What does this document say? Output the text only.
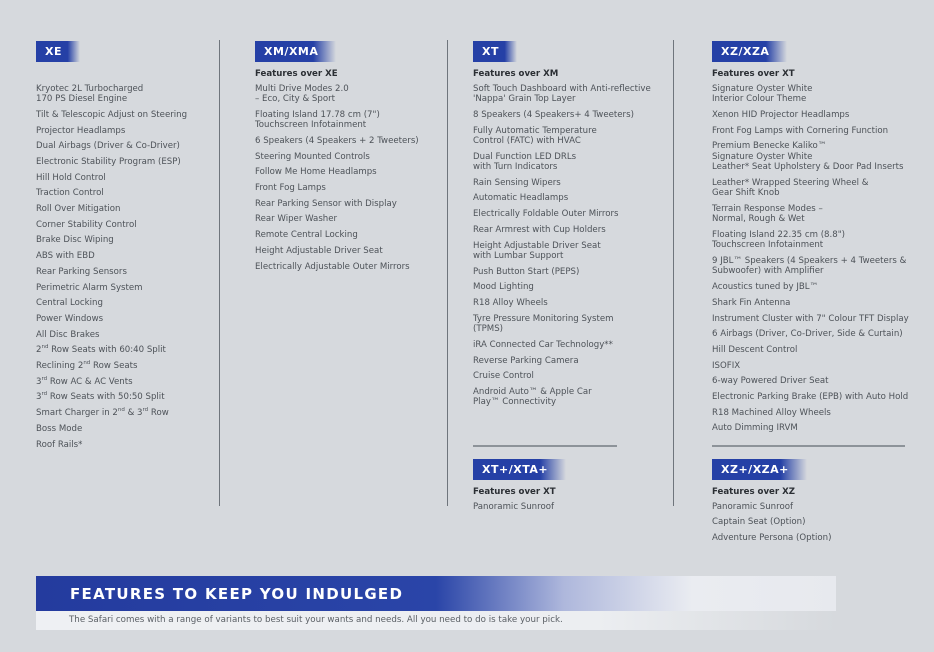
XE
Kryotec 2L Turbocharged
170 PS Diesel Engine
Tilt & Telescopic Adjust on Steering
Projector Headlamps
Dual Airbags (Driver & Co-Driver)
Electronic Stability Program (ESP)
Hill Hold Control
Traction Control
Roll Over Mitigation
Corner Stability Control
Brake Disc Wiping
ABS with EBD
Rear Parking Sensors
Perimetric Alarm System
Central Locking
Power Windows
All Disc Brakes
2nd Row Seats with 60:40 Split
Reclining 2nd Row Seats
3rd Row AC & AC Vents
3rd Row Seats with 50:50 Split
Smart Charger in 2nd & 3rd Row
Boss Mode
Roof Rails*
XM/XMA
Features over XE
Multi Drive Modes 2.0
– Eco, City & Sport
Floating Island 17.78 cm (7")
Touchscreen Infotainment
6 Speakers (4 Speakers + 2 Tweeters)
Steering Mounted Controls
Follow Me Home Headlamps
Front Fog Lamps
Rear Parking Sensor with Display
Rear Wiper Washer
Remote Central Locking
Height Adjustable Driver Seat
Electrically Adjustable Outer Mirrors
XT
Features over XM
Soft Touch Dashboard with Anti-reflective
'Nappa' Grain Top Layer
8 Speakers (4 Speakers+ 4 Tweeters)
Fully Automatic Temperature
Control (FATC) with HVAC
Dual Function LED DRLs
with Turn Indicators
Rain Sensing Wipers
Automatic Headlamps
Electrically Foldable Outer Mirrors
Rear Armrest with Cup Holders
Height Adjustable Driver Seat
with Lumbar Support
Push Button Start (PEPS)
Mood Lighting
R18 Alloy Wheels
Tyre Pressure Monitoring System
(TPMS)
iRA Connected Car Technology**
Reverse Parking Camera
Cruise Control
Android Auto™ & Apple Car
Play™ Connectivity
XZ/XZA
Features over XT
Signature Oyster White
Interior Colour Theme
Xenon HID Projector Headlamps
Front Fog Lamps with Cornering Function
Premium Benecke Kaliko™
Signature Oyster White
Leather* Seat Upholstery & Door Pad Inserts
Leather* Wrapped Steering Wheel &
Gear Shift Knob
Terrain Response Modes –
Normal, Rough & Wet
Floating Island 22.35 cm (8.8")
Touchscreen Infotainment
9 JBL™ Speakers (4 Speakers + 4 Tweeters &
Subwoofer) with Amplifier
Acoustics tuned by JBL™
Shark Fin Antenna
Instrument Cluster with 7" Colour TFT Display
6 Airbags (Driver, Co-Driver, Side & Curtain)
Hill Descent Control
ISOFIX
6-way Powered Driver Seat
Electronic Parking Brake (EPB) with Auto Hold
R18 Machined Alloy Wheels
Auto Dimming IRVM
XT+/XTA+
Features over XT
Panoramic Sunroof
XZ+/XZA+
Features over XZ
Panoramic Sunroof
Captain Seat (Option)
Adventure Persona (Option)
FEATURES TO KEEP YOU INDULGED
The Safari comes with a range of variants to best suit your wants and needs. All you need to do is take your pick.
